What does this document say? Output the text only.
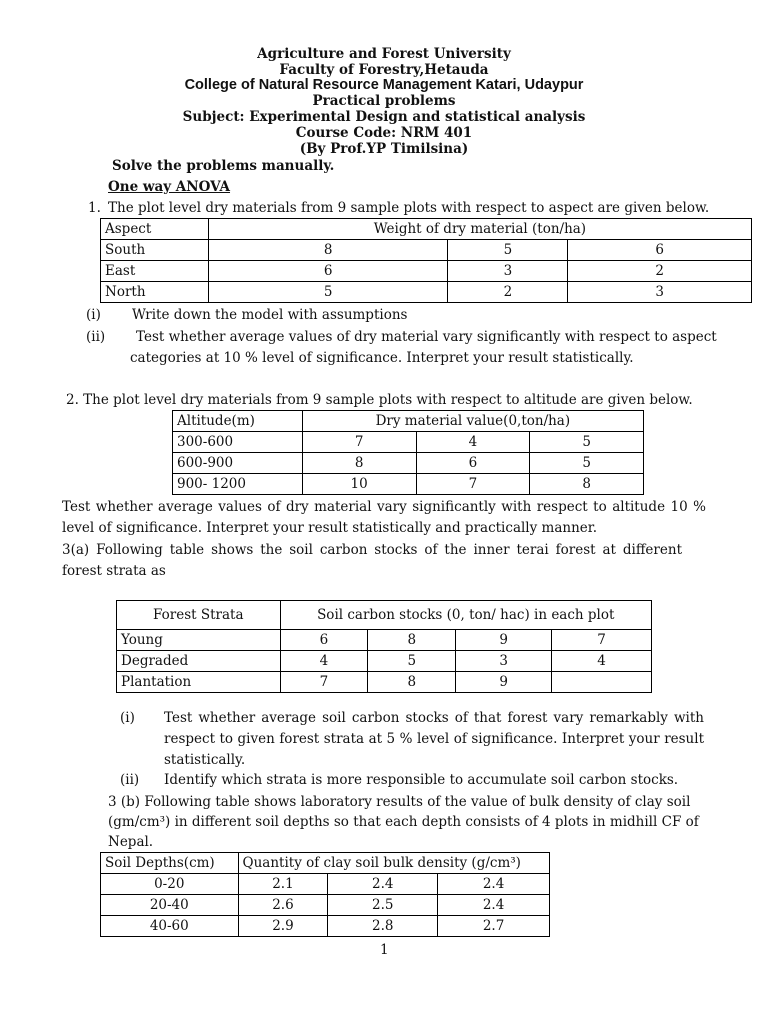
Agriculture and Forest University
Faculty of Forestry,Hetauda
College of Natural Resource Management Katari, Udaypur
Practical problems
Subject: Experimental Design and statistical analysis
Course Code: NRM 401
(By Prof.YP Timilsina)
Solve the problems manually.
One way ANOVA
1. The plot level dry materials from 9 sample plots with respect to aspect are given below.
Aspect	Weight of dry material (ton/ha)		
South	8	5	6
East	6	3	2
North	5	2	3
(i) Write down the model with assumptions
(ii) Test whether average values of dry material vary significantly with respect to aspect
categories at 10 % level of significance. Interpret your result statistically.
2. The plot level dry materials from 9 sample plots with respect to altitude are given below.
Altitude(m)	Dry material value(0,ton/ha)		
300-600	7	4	5
600-900	8	6	5
900- 1200	10	7	8
Test whether average values of dry material vary significantly with respect to altitude 10 % level of significance. Interpret your result statistically and practically manner.
3(a) Following table shows the soil carbon stocks of the inner terai forest at different forest strata as
Forest Strata	Soil carbon stocks (0, ton/ hac) in each plot			
Young	6	8	9	7
Degraded	4	5	3	4
Plantation	7	8	9	
(i) Test whether average soil carbon stocks of that forest vary remarkably with respect to given forest strata at 5 % level of significance. Interpret your result statistically.
(ii) Identify which strata is more responsible to accumulate soil carbon stocks.
3 (b) Following table shows laboratory results of the value of bulk density of clay soil
(gm/cm³) in different soil depths so that each depth consists of 4 plots in midhill CF of
Nepal.
Soil Depths(cm)	Quantity of clay soil bulk density (g/cm³)		
0-20	2.1	2.4	2.4
20-40	2.6	2.5	2.4
40-60	2.9	2.8	2.7
1
